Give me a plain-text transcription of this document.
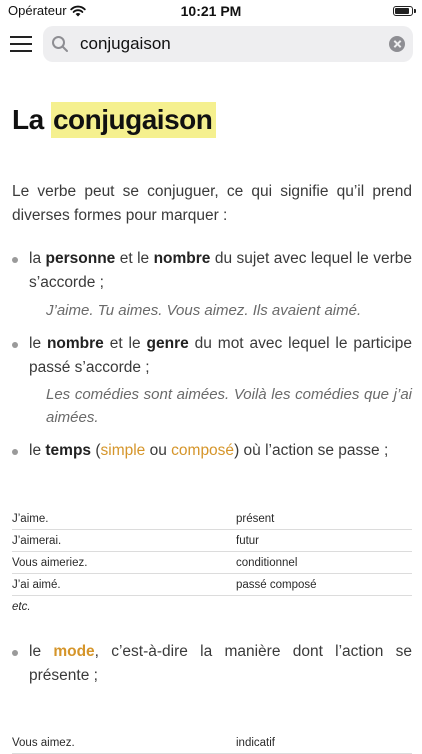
Opérateur	10:21 PM
conjugaison
La conjugaison
Le verbe peut se conjuguer, ce qui signifie qu’il prend diverses formes pour marquer :
la personne et le nombre du sujet avec lequel le verbe s’accorde ;
J’aime. Tu aimes. Vous aimez. Ils avaient aimé.
le nombre et le genre du mot avec lequel le participe passé s’accorde ;
Les comédies sont aimées. Voilà les comédies que j’ai aimées.
le temps (simple ou composé) où l’action se passe ;
J’aime.	présent
J’aimerai.	futur
Vous aimeriez.	conditionnel
J’ai aimé.	passé composé
etc.	
le mode, c’est-à-dire la manière dont l’action se présente ;
Vous aimez.	indicatif
